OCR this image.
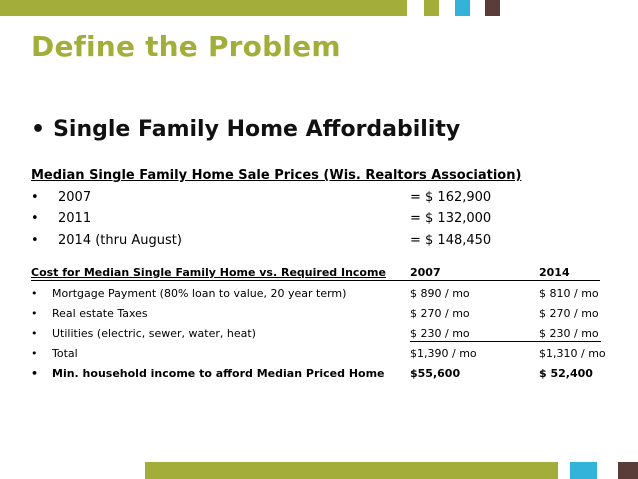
Define the Problem
• Single Family Home Affordability
Median Single Family Home Sale Prices (Wis. Realtors Association)
• 2007	= $ 162,900
• 2011	= $ 132,000
• 2014 (thru August)	= $ 148,450
Cost for Median Single Family Home vs. Required Income 2007	2014
• Mortgage Payment (80% loan to value, 20 year term)	$ 890 / mo	$ 810 / mo
• Real estate Taxes	$ 270 / mo	$ 270 / mo
• Utilities (electric, sewer, water, heat)	$ 230 / mo	$ 230 / mo
• Total	$1,390 / mo	$1,310 / mo
• Min. household income to afford Median Priced Home $55,600	$ 52,400
